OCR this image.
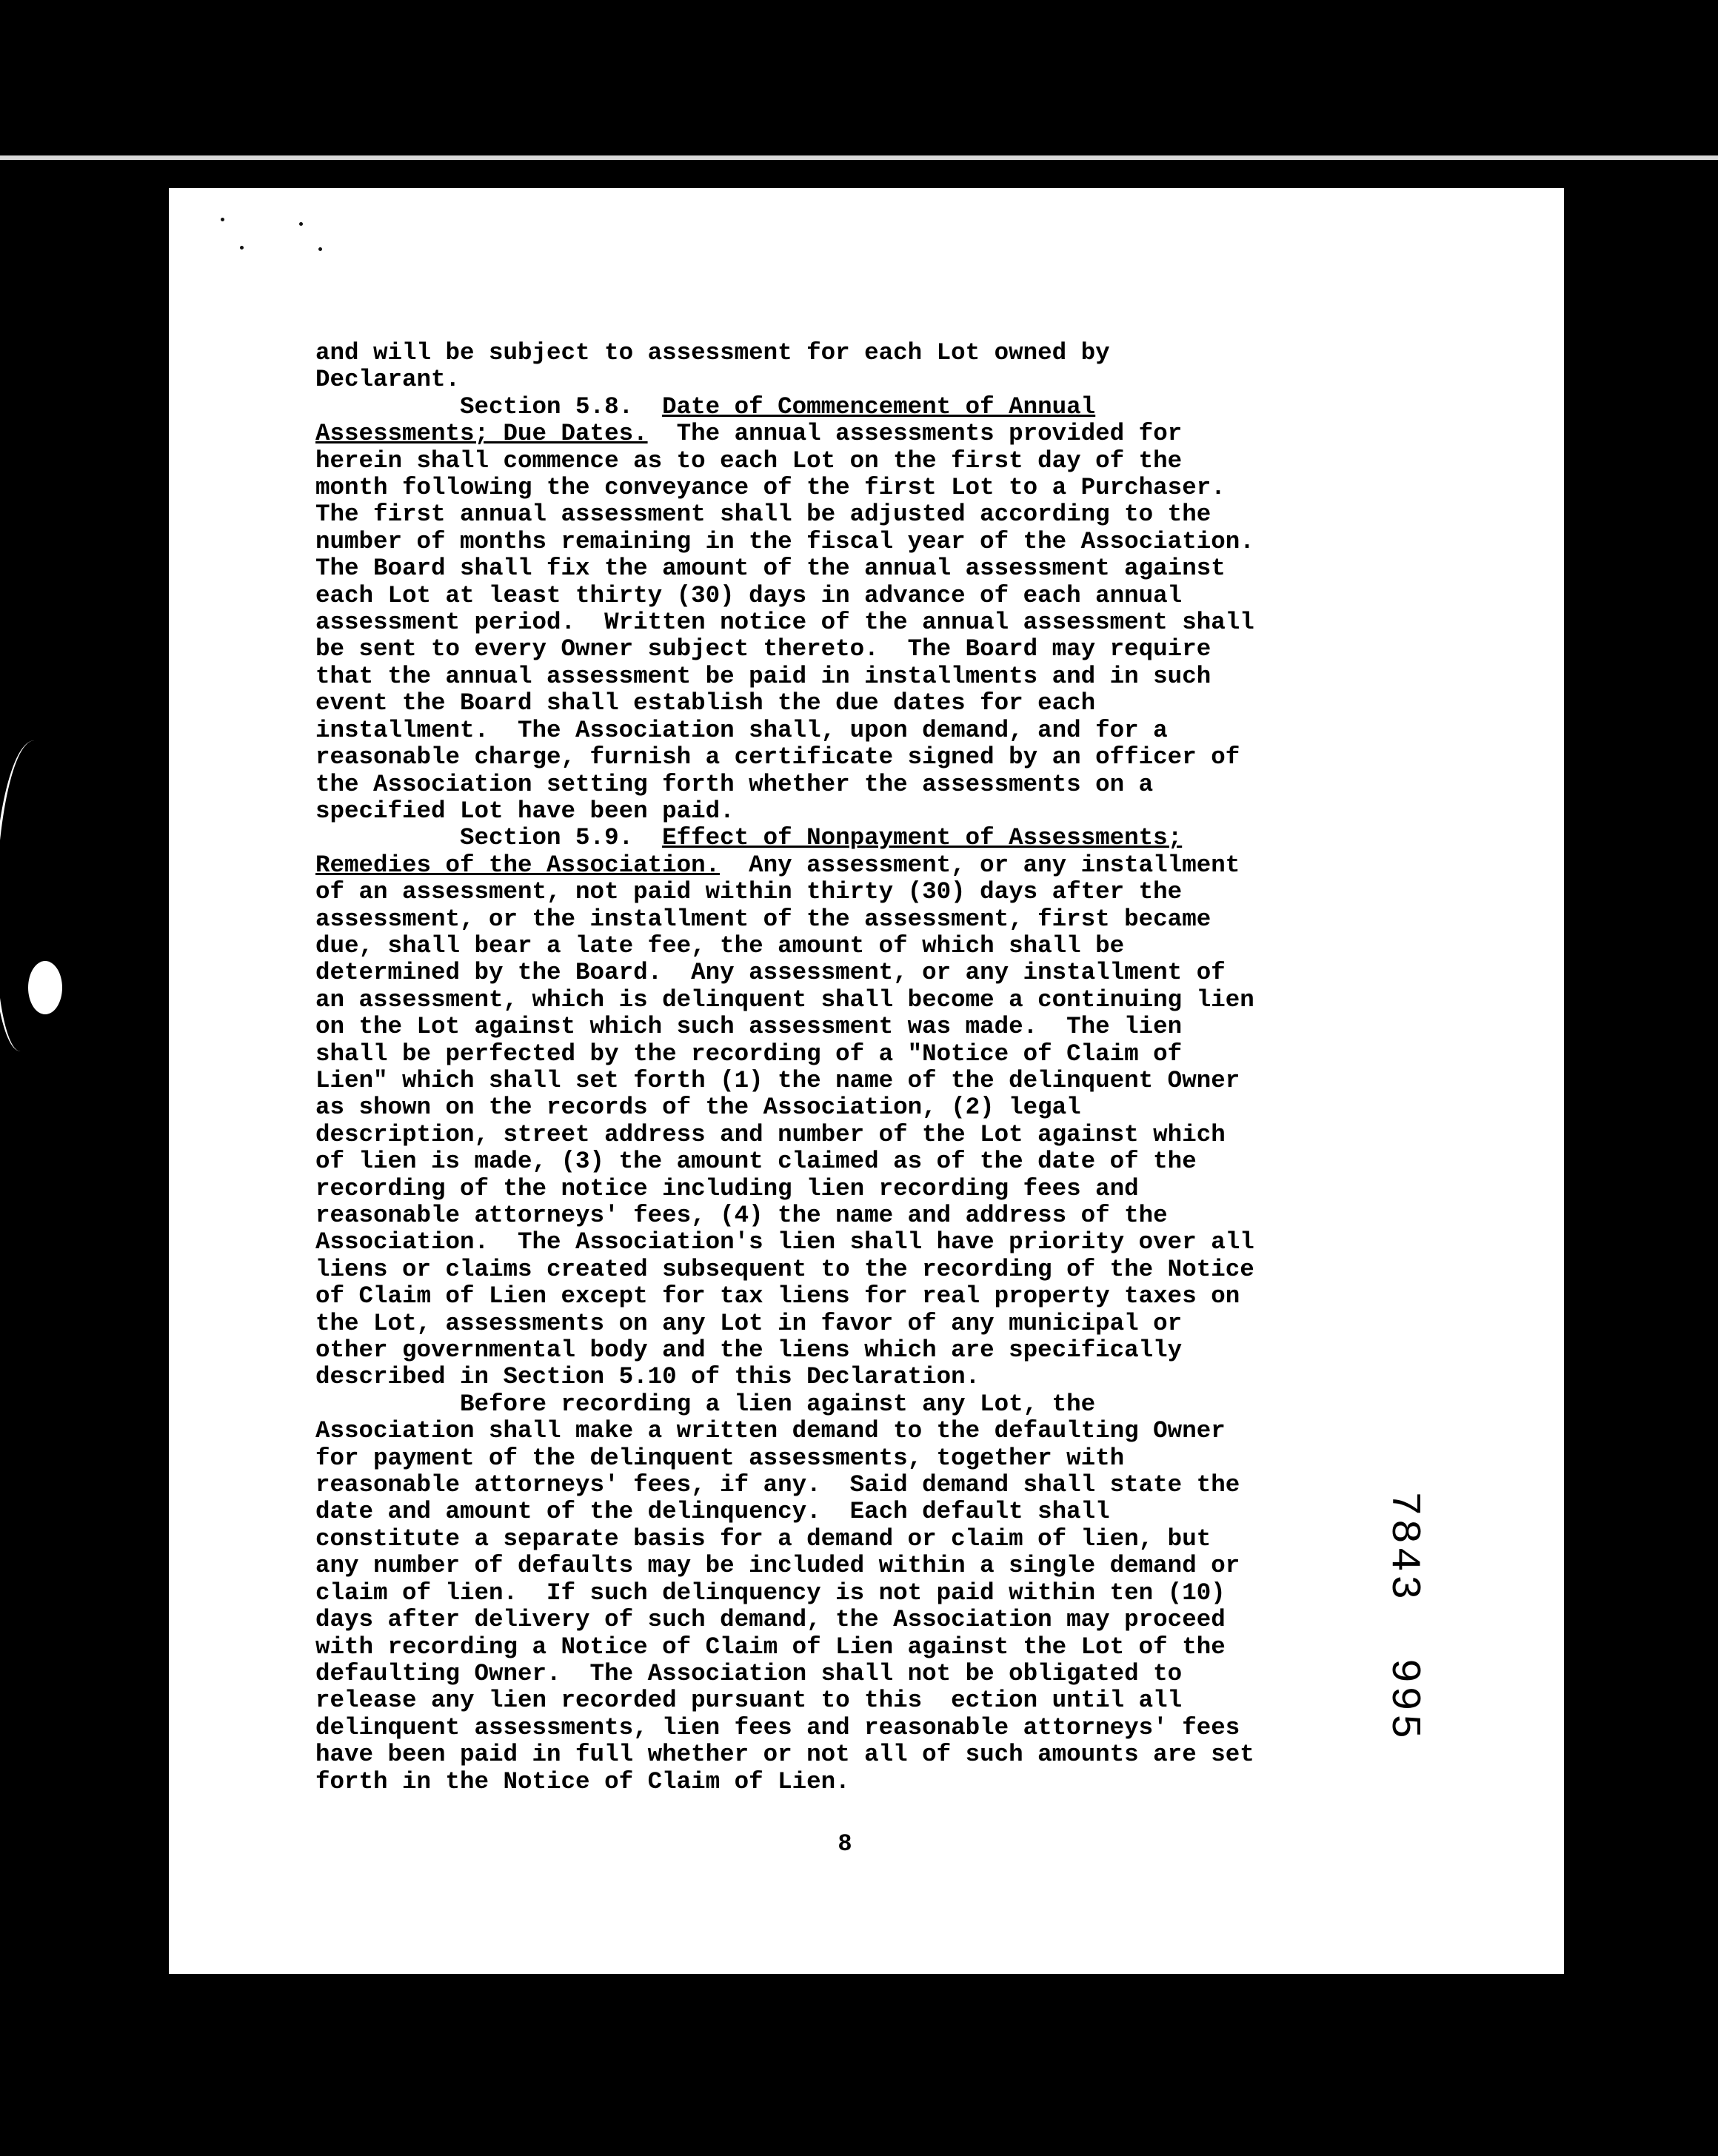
and will be subject to assessment for each Lot owned by

Declarant.

Section 5.8.  Date of Commencement of Annual

Assessments; Due Dates.  The annual assessments provided for

herein shall commence as to each Lot on the first day of the

month following the conveyance of the first Lot to a Purchaser.

The first annual assessment shall be adjusted according to the

number of months remaining in the fiscal year of the Association.

The Board shall fix the amount of the annual assessment against

each Lot at least thirty (30) days in advance of each annual

assessment period.  Written notice of the annual assessment shall

be sent to every Owner subject thereto.  The Board may require

that the annual assessment be paid in installments and in such

event the Board shall establish the due dates for each

installment.  The Association shall, upon demand, and for a

reasonable charge, furnish a certificate signed by an officer of

the Association setting forth whether the assessments on a

specified Lot have been paid.

Section 5.9.  Effect of Nonpayment of Assessments;

Remedies of the Association.  Any assessment, or any installment

of an assessment, not paid within thirty (30) days after the

assessment, or the installment of the assessment, first became

due, shall bear a late fee, the amount of which shall be

determined by the Board.  Any assessment, or any installment of

an assessment, which is delinquent shall become a continuing lien

on the Lot against which such assessment was made.  The lien

shall be perfected by the recording of a "Notice of Claim of

Lien" which shall set forth (1) the name of the delinquent Owner

as shown on the records of the Association, (2) legal

description, street address and number of the Lot against which

of lien is made, (3) the amount claimed as of the date of the

recording of the notice including lien recording fees and

reasonable attorneys' fees, (4) the name and address of the

Association.  The Association's lien shall have priority over all

liens or claims created subsequent to the recording of the Notice

of Claim of Lien except for tax liens for real property taxes on

the Lot, assessments on any Lot in favor of any municipal or

other governmental body and the liens which are specifically

described in Section 5.10 of this Declaration.

Before recording a lien against any Lot, the

Association shall make a written demand to the defaulting Owner

for payment of the delinquent assessments, together with

reasonable attorneys' fees, if any.  Said demand shall state the

date and amount of the delinquency.  Each default shall

constitute a separate basis for a demand or claim of lien, but

any number of defaults may be included within a single demand or

claim of lien.  If such delinquency is not paid within ten (10)

days after delivery of such demand, the Association may proceed

with recording a Notice of Claim of Lien against the Lot of the

defaulting Owner.  The Association shall not be obligated to

release any lien recorded pursuant to this  ection until all

delinquent assessments, lien fees and reasonable attorneys' fees

have been paid in full whether or not all of such amounts are set

forth in the Notice of Claim of Lien.

8
7843  995
